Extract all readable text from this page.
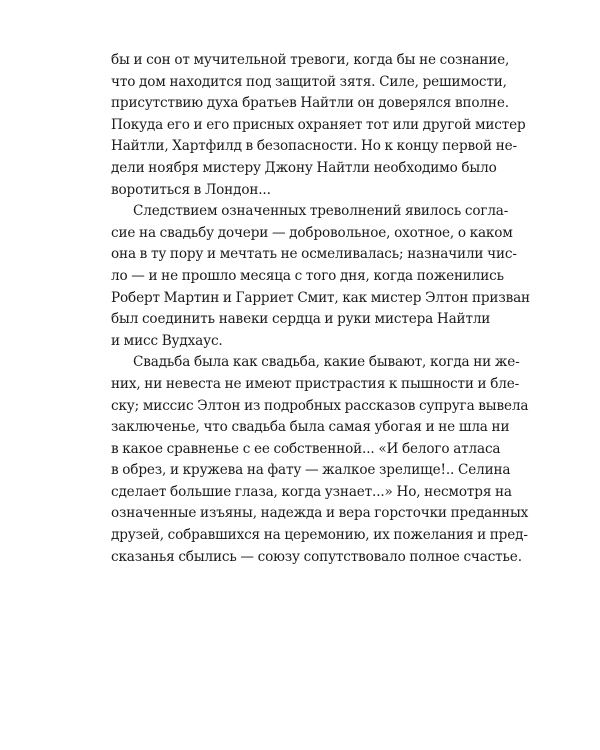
бы и сон от мучительной тревоги, когда бы не сознание,
что дом находится под защитой зятя. Силе, решимости,
присутствию духа братьев Найтли он доверялся вполне.
Покуда его и его присных охраняет тот или другой мистер
Найтли, Хартфилд в безопасности. Но к концу первой не-
дели ноября мистеру Джону Найтли необходимо было
воротиться в Лондон...
Следствием означенных треволнений явилось согла-
сие на свадьбу дочери — добровольное, охотное, о каком
она в ту пору и мечтать не осмеливалась; назначили чис-
ло — и не прошло месяца с того дня, когда поженились
Роберт Мартин и Гарриет Смит, как мистер Элтон призван
был соединить навеки сердца и руки мистера Найтли
и мисс Вудхаус.
Свадьба была как свадьба, какие бывают, когда ни же-
них, ни невеста не имеют пристрастия к пышности и бле-
ску; миссис Элтон из подробных рассказов супруга вывела
заключенье, что свадьба была самая убогая и не шла ни
в какое сравненье с ее собственной... «И белого атласа
в обрез, и кружева на фату — жалкое зрелище!.. Селина
сделает большие глаза, когда узнает...» Но, несмотря на
означенные изъяны, надежда и вера горсточки преданных
друзей, собравшихся на церемонию, их пожелания и пред-
сказанья сбылись — союзу сопутствовало полное счастье.
